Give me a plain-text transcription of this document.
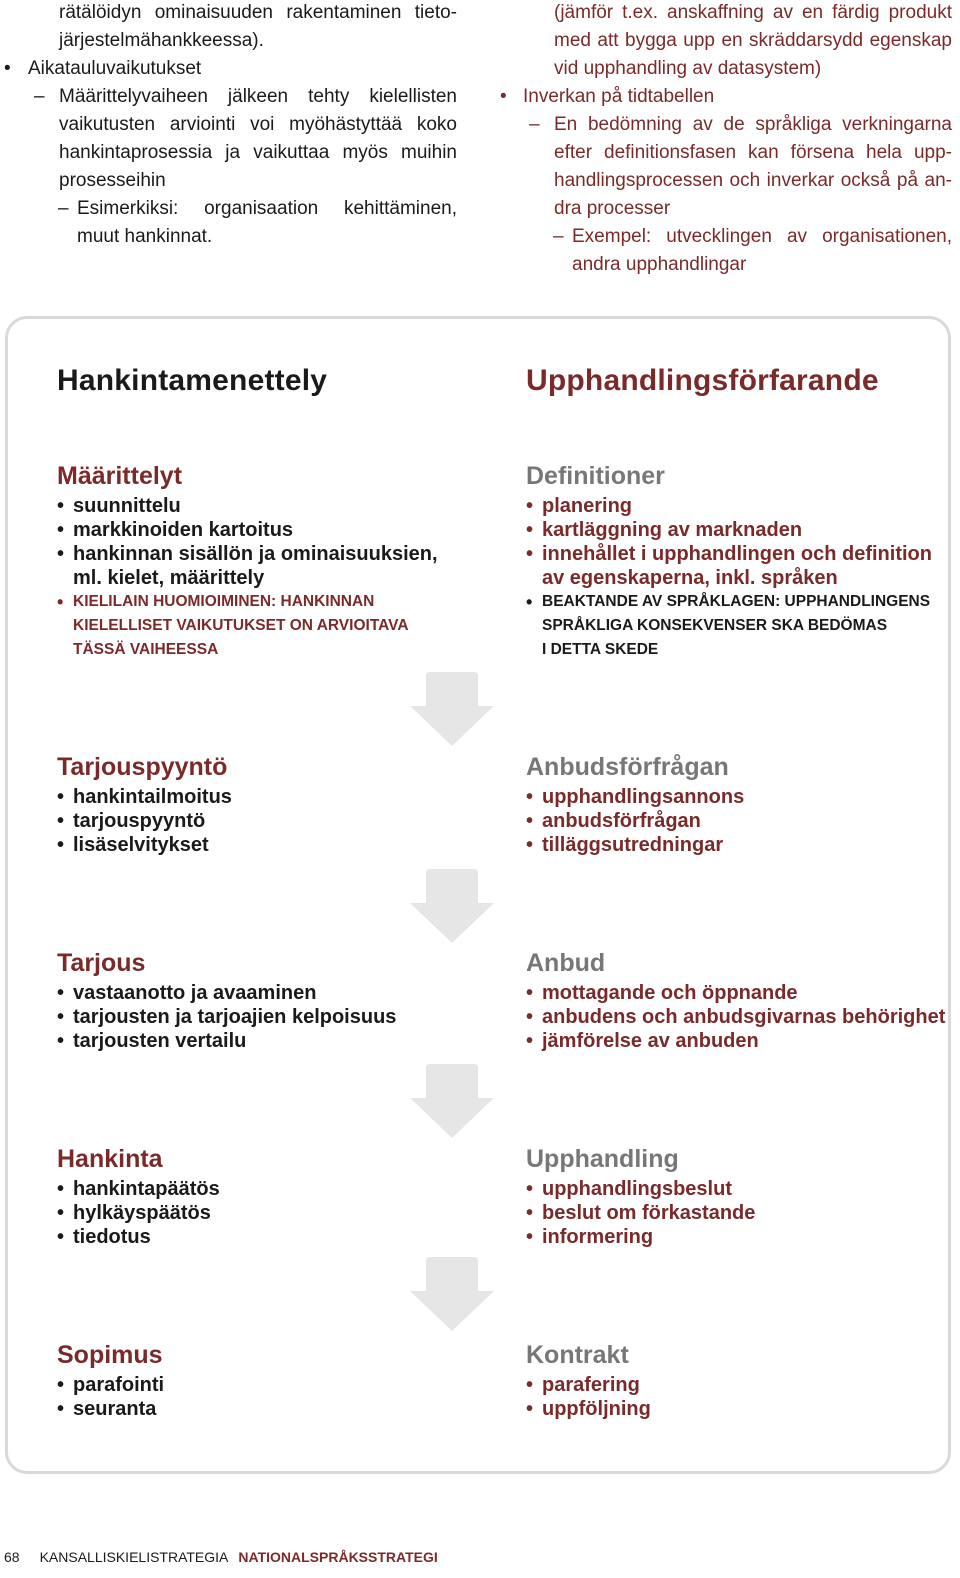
rätälöidyn ominaisuuden rakentaminen tieto-
järjestelmähankkeessa).
• Aikatauluvaikutukset
– Määrittelyvaiheen jälkeen tehty kielellisten
vaikutusten arviointi voi myöhästyttää koko
hankintaprosessia ja vaikuttaa myös muihin
prosesseihin
– Esimerkiksi: organisaation kehittäminen,
muut hankinnat.
(jämför t.ex. anskaffning av en färdig produkt
med att bygga upp en skräddarsydd egenskap
vid upphandling av datasystem)
• Inverkan på tidtabellen
– En bedömning av de språkliga verkningarna
efter definitionsfasen kan försena hela upp-
handlingsprocessen och inverkar också på an-
dra processer
– Exempel: utvecklingen av organisationen,
andra upphandlingar
Hankintamenettely	Upphandlingsförfarande
Määrittelyt
• suunnittelu
• markkinoiden kartoitus
• hankinnan sisällön ja ominaisuuksien,
ml. kielet, määrittely
• KIELILAIN HUOMIOIMINEN: HANKINNAN
KIELELLISET VAIKUTUKSET ON ARVIOITAVA
TÄSSÄ VAIHEESSA
Definitioner
• planering
• kartläggning av marknaden
• innehållet i upphandlingen och definition
av egenskaperna, inkl. språken
• BEAKTANDE AV SPRÅKLAGEN: UPPHANDLINGENS
SPRÅKLIGA KONSEKVENSER SKA BEDÖMAS
I DETTA SKEDE
Tarjouspyyntö
• hankintailmoitus
• tarjouspyyntö
• lisäselvitykset
Anbudsförfrågan
• upphandlingsannons
• anbudsförfrågan
• tilläggsutredningar
Tarjous
• vastaanotto ja avaaminen
• tarjousten ja tarjoajien kelpoisuus
• tarjousten vertailu
Anbud
• mottagande och öppnande
• anbudens och anbudsgivarnas behörighet
• jämförelse av anbuden
Hankinta
• hankintapäätös
• hylkäyspäätös
• tiedotus
Upphandling
• upphandlingsbeslut
• beslut om förkastande
• informering
Sopimus
• parafointi
• seuranta
Kontrakt
• parafering
• uppföljning
68 KANSALLISKIELISTRATEGIA NATIONALSPRÅKSSTRATEGI
